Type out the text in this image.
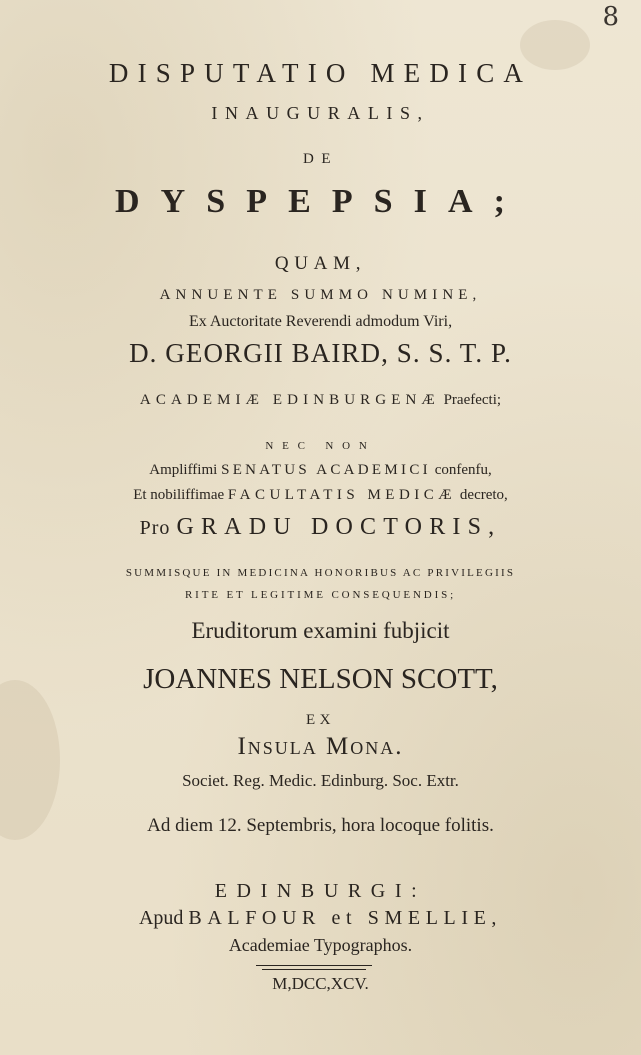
8
DISPUTATIO MEDICA
INAUGURALIS,
DE
DYSPEPSIA;
QUAM,
ANNUENTE SUMMO NUMINE,
Ex Auctoritate Reverendi admodum Viri,
D. GEORGII BAIRD, S. S. T. P.
ACADEMIÆ EDINBURGENÆ Praefecti;
NEC NON
Ampliffimi SENATUS ACADEMICI confenfu,
Et nobiliffimae FACULTATIS MEDICÆ decreto,
Pro GRADU DOCTORIS,
SUMMISQUE IN MEDICINA HONORIBUS AC PRIVILEGIIS
RITE ET LEGITIME CONSEQUENDIS;
Eruditorum examini fubjicit
JOANNES NELSON SCOTT,
EX
Insula Mona.
Societ. Reg. Medic. Edinburg. Soc. Extr.
Ad diem 12. Septembris, hora locoque folitis.
EDINBURGI:
Apud BALFOUR et SMELLIE,
Academiae Typographos.
M,DCC,XCV.
